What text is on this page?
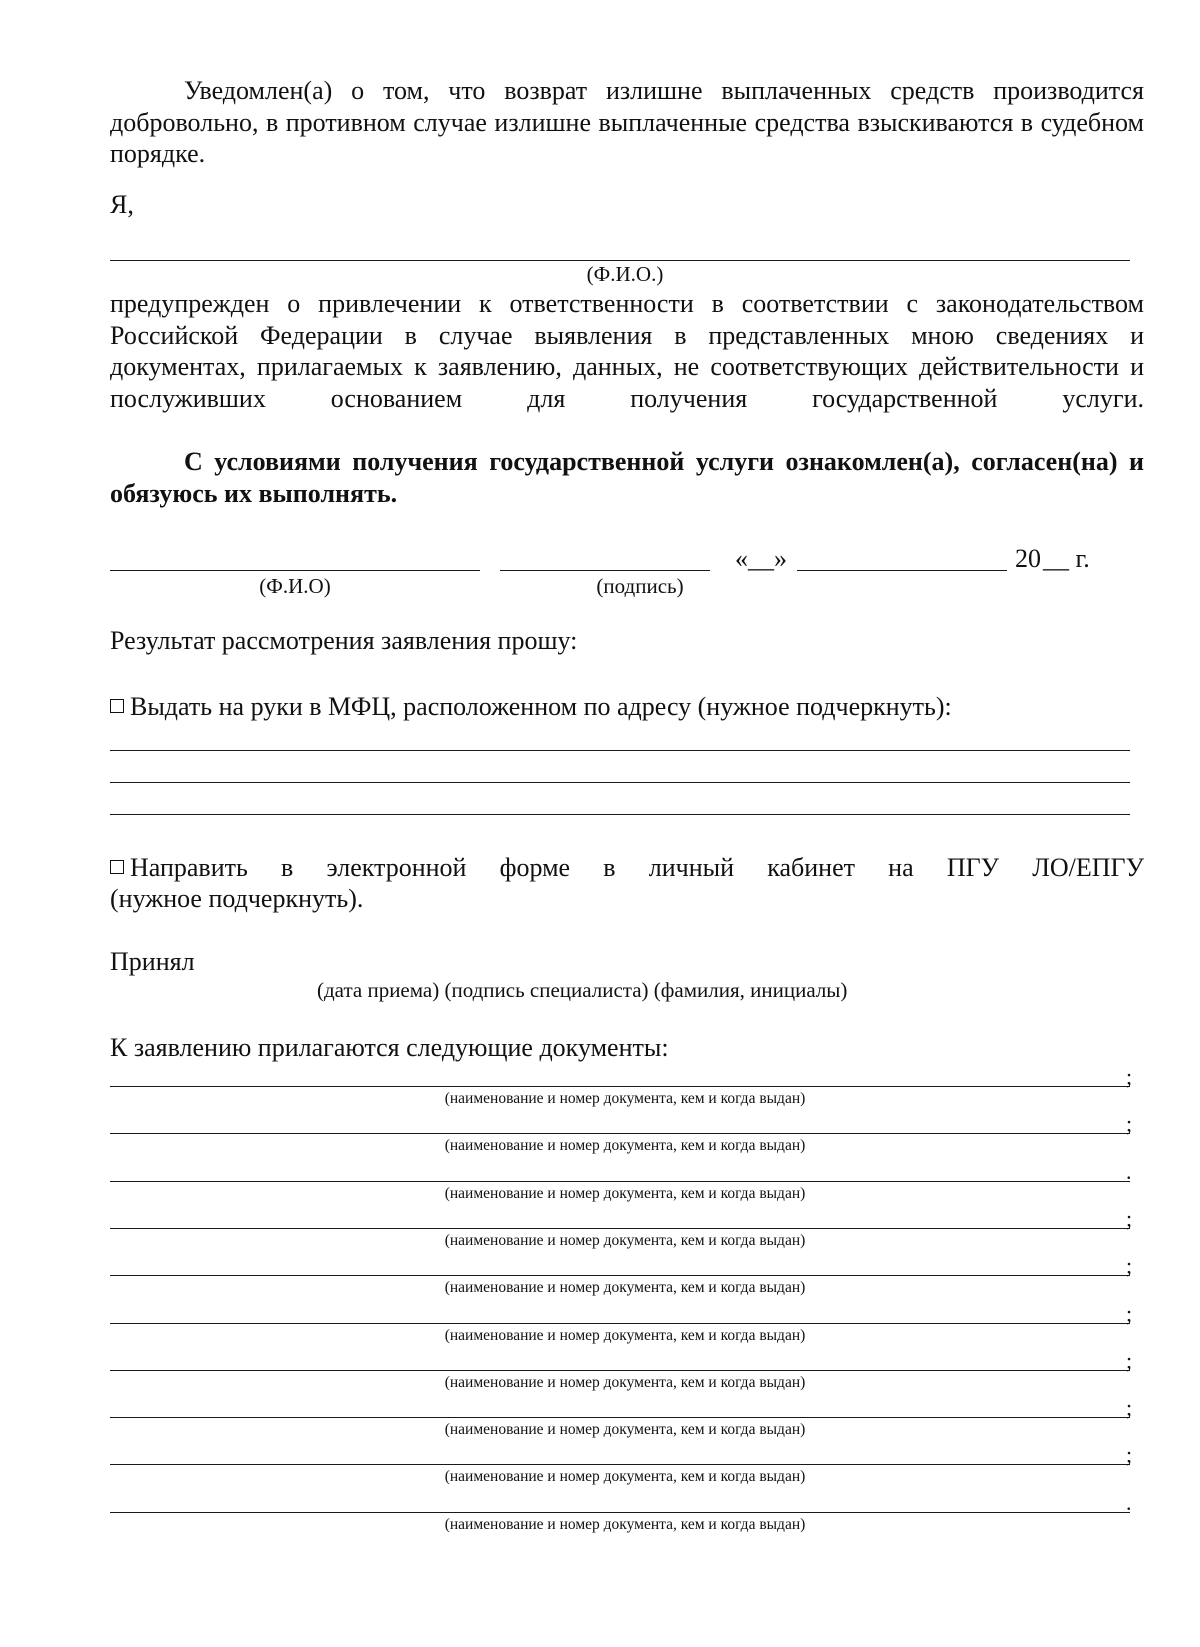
Уведомлен(а) о том, что возврат излишне выплаченных средств производится добровольно, в противном случае излишне выплаченные средства взыскиваются в судебном порядке.
Я,
(Ф.И.О.)
предупрежден о привлечении к ответственности в соответствии с законодательством Российской Федерации в случае выявления в представленных мною сведениях и документах, прилагаемых к заявлению, данных, не соответствующих действительности и послуживших основанием для получения государственной услуги.
С условиями получения государственной услуги ознакомлен(а), согласен(на) и обязуюсь их выполнять.
«__»	20 __ г.
(Ф.И.О)	(подпись)
Результат рассмотрения заявления прошу:
Выдать на руки в МФЦ, расположенном по адресу (нужное подчеркнуть):
Направить в электронной форме в личный кабинет на ПГУ ЛО/ЕПГУ
(нужное подчеркнуть).
Принял
(дата приема) (подпись специалиста) (фамилия, инициалы)
К заявлению прилагаются следующие документы:
;
(наименование и номер документа, кем и когда выдан)
;
(наименование и номер документа, кем и когда выдан)
.
(наименование и номер документа, кем и когда выдан)
;
(наименование и номер документа, кем и когда выдан)
;
(наименование и номер документа, кем и когда выдан)
;
(наименование и номер документа, кем и когда выдан)
;
(наименование и номер документа, кем и когда выдан)
;
(наименование и номер документа, кем и когда выдан)
;
(наименование и номер документа, кем и когда выдан)
.
(наименование и номер документа, кем и когда выдан)
